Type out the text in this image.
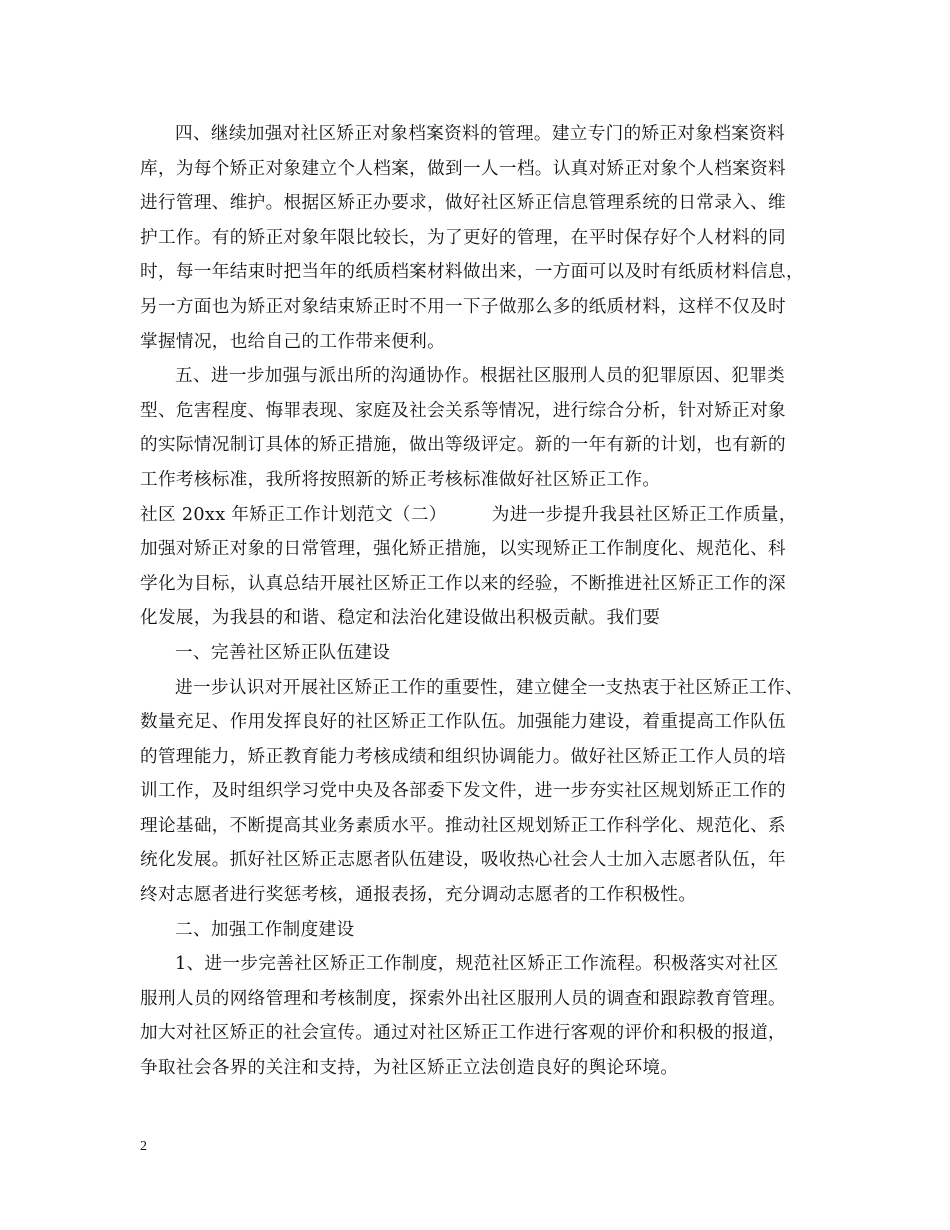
四、继续加强对社区矫正对象档案资料的管理。建立专门的矫正对象档案资料
库，为每个矫正对象建立个人档案，做到一人一档。认真对矫正对象个人档案资料
进行管理、维护。根据区矫正办要求，做好社区矫正信息管理系统的日常录入、维
护工作。有的矫正对象年限比较长，为了更好的管理，在平时保存好个人材料的同
时，每一年结束时把当年的纸质档案材料做出来，一方面可以及时有纸质材料信息，
另一方面也为矫正对象结束矫正时不用一下子做那么多的纸质材料，这样不仅及时
掌握情况，也给自己的工作带来便利。
五、进一步加强与派出所的沟通协作。根据社区服刑人员的犯罪原因、犯罪类
型、危害程度、悔罪表现、家庭及社会关系等情况，进行综合分析，针对矫正对象
的实际情况制订具体的矫正措施，做出等级评定。新的一年有新的计划，也有新的
工作考核标准，我所将按照新的矫正考核标准做好社区矫正工作。
社区 20xx 年矫正工作计划范文（二）　　　为进一步提升我县社区矫正工作质量，
加强对矫正对象的日常管理，强化矫正措施，以实现矫正工作制度化、规范化、科
学化为目标，认真总结开展社区矫正工作以来的经验，不断推进社区矫正工作的深
化发展，为我县的和谐、稳定和法治化建设做出积极贡献。我们要
一、完善社区矫正队伍建设
进一步认识对开展社区矫正工作的重要性，建立健全一支热衷于社区矫正工作、
数量充足、作用发挥良好的社区矫正工作队伍。加强能力建设，着重提高工作队伍
的管理能力，矫正教育能力考核成绩和组织协调能力。做好社区矫正工作人员的培
训工作，及时组织学习党中央及各部委下发文件，进一步夯实社区规划矫正工作的
理论基础，不断提高其业务素质水平。推动社区规划矫正工作科学化、规范化、系
统化发展。抓好社区矫正志愿者队伍建设，吸收热心社会人士加入志愿者队伍，年
终对志愿者进行奖惩考核，通报表扬，充分调动志愿者的工作积极性。
二、加强工作制度建设
1、进一步完善社区矫正工作制度，规范社区矫正工作流程。积极落实对社区
服刑人员的网络管理和考核制度，探索外出社区服刑人员的调查和跟踪教育管理。
加大对社区矫正的社会宣传。通过对社区矫正工作进行客观的评价和积极的报道，
争取社会各界的关注和支持，为社区矫正立法创造良好的舆论环境。
2
